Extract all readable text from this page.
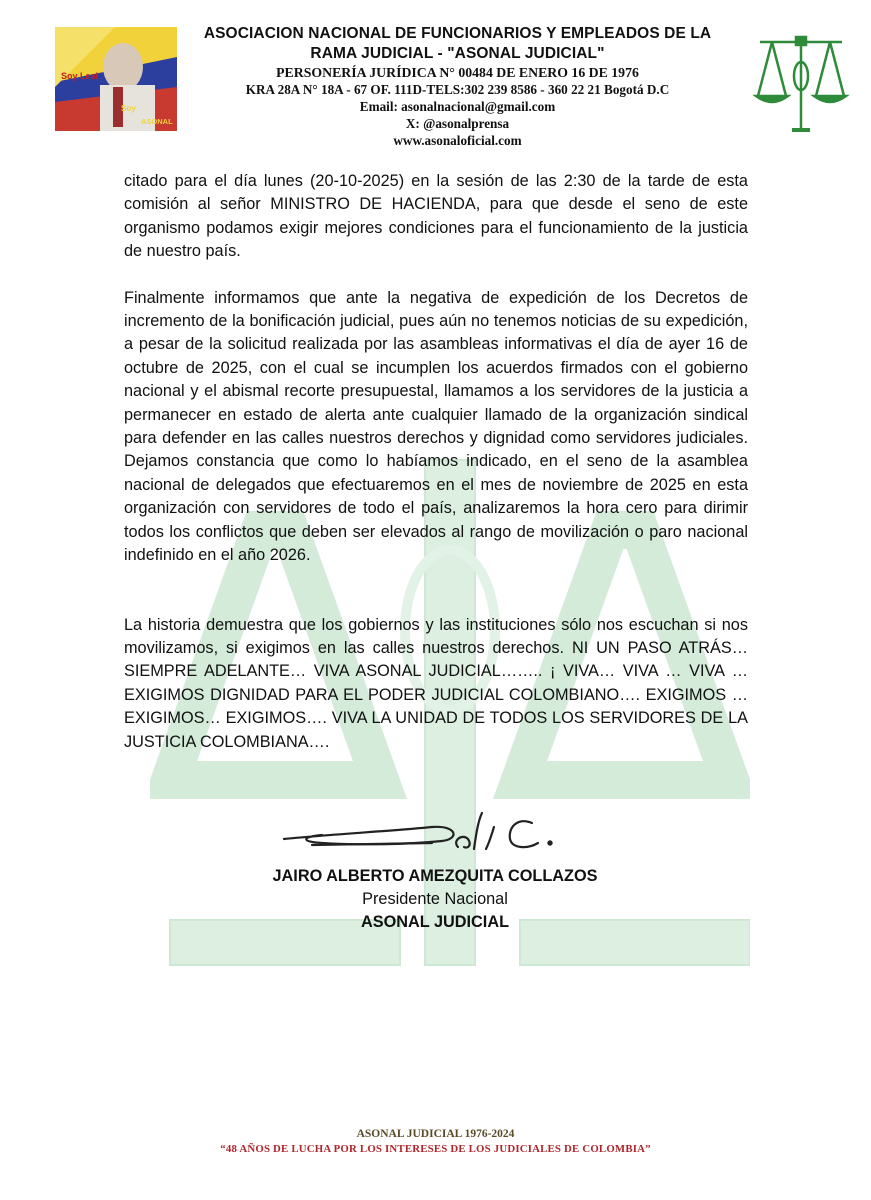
Soy Leal
Soy
ASONAL
ASOCIACION NACIONAL DE FUNCIONARIOS Y EMPLEADOS DE LA
RAMA JUDICIAL - "ASONAL JUDICIAL"
PERSONERÍA JURÍDICA N° 00484 DE ENERO 16 DE 1976
KRA 28A N° 18A - 67 OF. 111D-TELS:302 239 8586 - 360 22 21 Bogotá D.C
Email: asonalnacional@gmail.com
X: @asonalprensa
www.asonaloficial.com

citado para el día lunes (20-10-2025) en la sesión de las 2:30 de la tarde de esta comisión al señor MINISTRO DE HACIENDA, para que desde el seno de este organismo podamos exigir mejores condiciones para el funcionamiento de la justicia de nuestro país.

Finalmente informamos que ante la negativa de expedición de los Decretos de incremento de la bonificación judicial, pues aún no tenemos noticias de su expedición, a pesar de la solicitud realizada por las asambleas informativas el día de ayer 16 de octubre de 2025, con el cual se incumplen los acuerdos firmados con el gobierno nacional y el abismal recorte presupuestal, llamamos a los servidores de la justicia a permanecer en estado de alerta ante cualquier llamado de la organización sindical para defender en las calles nuestros derechos y dignidad como servidores judiciales. Dejamos constancia que como lo habíamos indicado, en el seno de la asamblea nacional de delegados que efectuaremos en el mes de noviembre de 2025 en esta organización con servidores de todo el país, analizaremos la hora cero para dirimir todos los conflictos que deben ser elevados al rango de movilización o paro nacional indefinido en el año 2026.

La historia demuestra que los gobiernos y las instituciones sólo nos escuchan si nos movilizamos, si exigimos en las calles nuestros derechos. NI UN PASO ATRÁS… SIEMPRE ADELANTE… VIVA ASONAL JUDICIAL…….. ¡ VIVA… VIVA … VIVA …EXIGIMOS DIGNIDAD PARA EL PODER JUDICIAL COLOMBIANO…. EXIGIMOS … EXIGIMOS… EXIGIMOS…. VIVA LA UNIDAD DE TODOS LOS SERVIDORES DE LA JUSTICIA COLOMBIANA….

JAIRO ALBERTO AMEZQUITA COLLAZOS
Presidente Nacional
ASONAL JUDICIAL
ASONAL JUDICIAL 1976-2024
“48 AÑOS DE LUCHA POR LOS INTERESES DE LOS JUDICIALES DE COLOMBIA”
